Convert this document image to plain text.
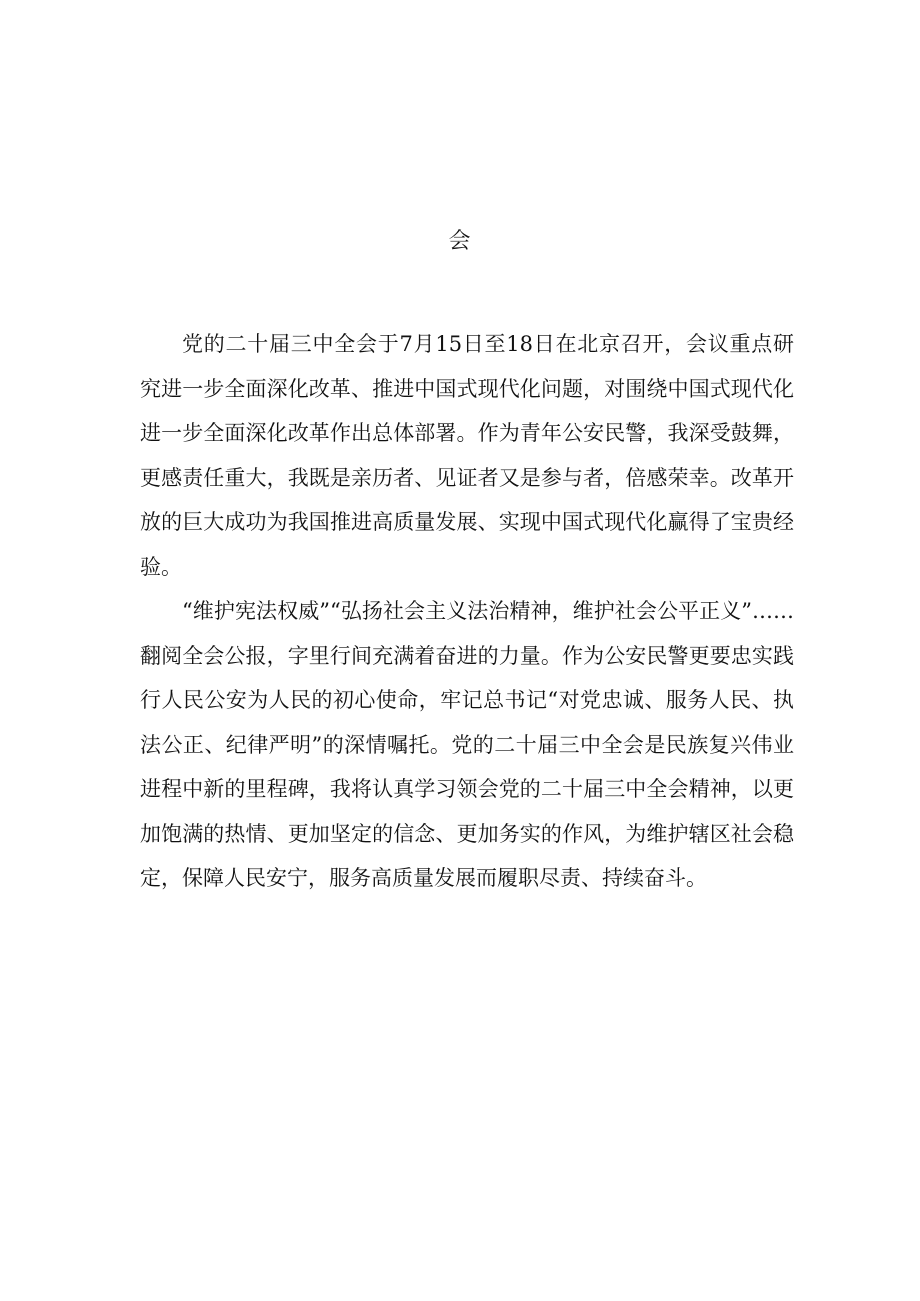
会

党的二十届三中全会于7月15日至18日在北京召开，会议重点研究进一步全面深化改革、推进中国式现代化问题，对围绕中国式现代化进一步全面深化改革作出总体部署。作为青年公安民警，我深受鼓舞，更感责任重大，我既是亲历者、见证者又是参与者，倍感荣幸。改革开放的巨大成功为我国推进高质量发展、实现中国式现代化赢得了宝贵经验。

“维护宪法权威”“弘扬社会主义法治精神，维护社会公平正义”……翻阅全会公报，字里行间充满着奋进的力量。作为公安民警更要忠实践行人民公安为人民的初心使命，牢记总书记“对党忠诚、服务人民、执法公正、纪律严明”的深情嘱托。党的二十届三中全会是民族复兴伟业进程中新的里程碑，我将认真学习领会党的二十届三中全会精神，以更加饱满的热情、更加坚定的信念、更加务实的作风，为维护辖区社会稳定，保障人民安宁，服务高质量发展而履职尽责、持续奋斗。
